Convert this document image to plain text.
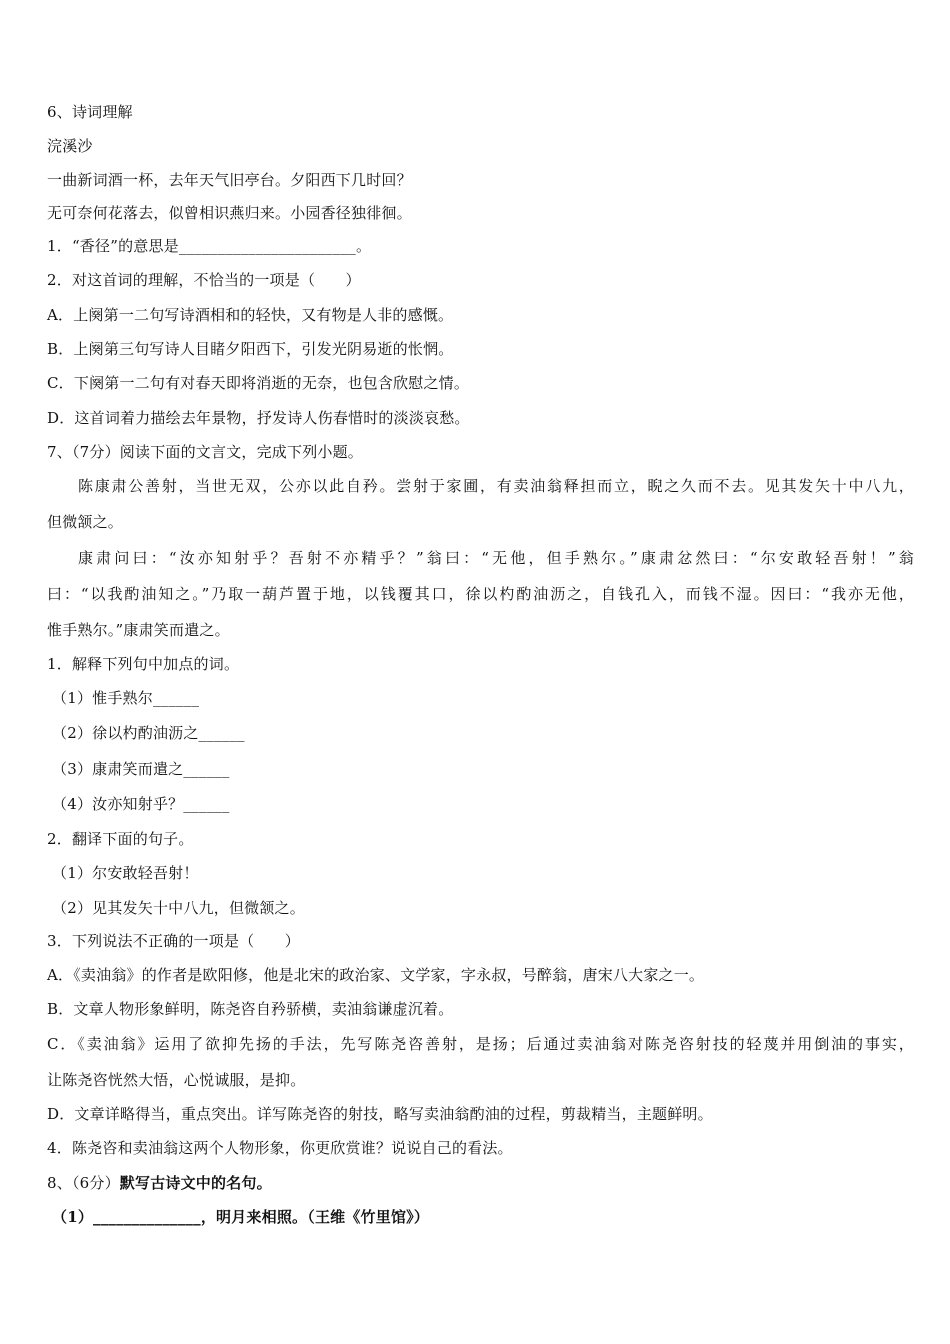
6、诗词理解
浣溪沙
一曲新词酒一杯，去年天气旧亭台。夕阳西下几时回？
无可奈何花落去，似曾相识燕归来。小园香径独徘徊。
1．“香径”的意思是_______________________。
2．对这首词的理解，不恰当的一项是（　　）
A．上阕第一二句写诗酒相和的轻快，又有物是人非的感慨。
B．上阕第三句写诗人目睹夕阳西下，引发光阴易逝的怅惘。
C．下阕第一二句有对春天即将消逝的无奈，也包含欣慰之情。
D．这首词着力描绘去年景物，抒发诗人伤春惜时的淡淡哀愁。
7、（7分）阅读下面的文言文，完成下列小题。
陈康肃公善射，当世无双，公亦以此自矜。尝射于家圃，有卖油翁释担而立，睨之久而不去。见其发矢十中八九，
但微颔之。
康肃问曰：“汝亦知射乎？吾射不亦精乎？”翁曰：“无他，但手熟尔。”康肃忿然曰：“尔安敢轻吾射！”翁
曰：“以我酌油知之。”乃取一葫芦置于地，以钱覆其口，徐以杓酌油沥之，自钱孔入，而钱不湿。因曰：“我亦无他，
惟手熟尔。”康肃笑而遣之。
1．解释下列句中加点的词。
（1）惟手熟尔______
（2）徐以杓酌油沥之______
（3）康肃笑而遣之______
（4）汝亦知射乎？______
2．翻译下面的句子。
（1）尔安敢轻吾射！
（2）见其发矢十中八九，但微颔之。
3．下列说法不正确的一项是（　　）
A．《卖油翁》的作者是欧阳修，他是北宋的政治家、文学家，字永叔，号醉翁，唐宋八大家之一。
B．文章人物形象鲜明，陈尧咨自矜骄横，卖油翁谦虚沉着。
C．《卖油翁》运用了欲抑先扬的手法，先写陈尧咨善射，是扬；后通过卖油翁对陈尧咨射技的轻蔑并用倒油的事实，
让陈尧咨恍然大悟，心悦诚服，是抑。
D．文章详略得当，重点突出。详写陈尧咨的射技，略写卖油翁酌油的过程，剪裁精当，主题鲜明。
4．陈尧咨和卖油翁这两个人物形象，你更欣赏谁？说说自己的看法。
8、（6分）默写古诗文中的名句。
（1）______________，明月来相照。（王维《竹里馆》）
